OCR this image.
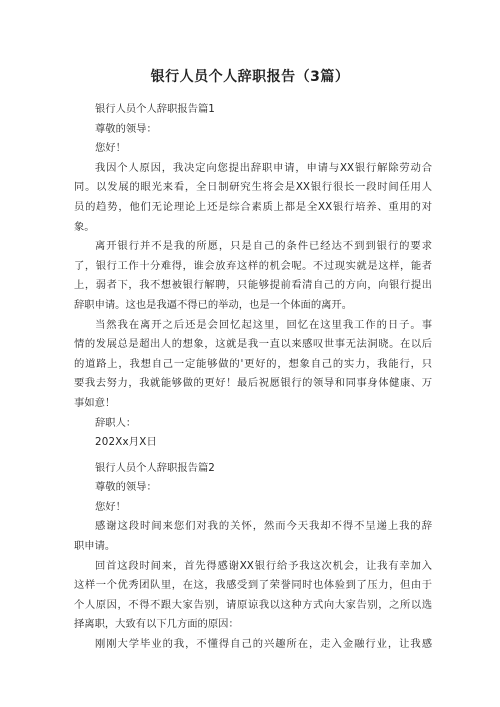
银行人员个人辞职报告（3篇）

银行人员个人辞职报告篇1

尊敬的领导：

您好！

我因个人原因，我决定向您提出辞职申请，申请与XX银行解除劳动合

同。以发展的眼光来看，全日制研究生将会是XX银行很长一段时间任用人

员的趋势，他们无论理论上还是综合素质上都是全XX银行培养、重用的对

象。

离开银行并不是我的所愿，只是自己的条件已经达不到到银行的要求

了，银行工作十分难得，谁会放弃这样的机会呢。不过现实就是这样，能者

上，弱者下，我不想被银行解聘，只能够提前看清自己的方向，向银行提出

辞职申请。这也是我逼不得已的举动，也是一个体面的离开。

当然我在离开之后还是会回忆起这里，回忆在这里我工作的日子。事

情的发展总是超出人的想象，这就是我一直以来感叹世事无法洞晓。在以后

的道路上，我想自己一定能够做的'更好的，想象自己的实力，我能行，只

要我去努力，我就能够做的更好！最后祝愿银行的领导和同事身体健康、万

事如意！

辞职人：

202Xx月X日

银行人员个人辞职报告篇2

尊敬的领导：

您好！

感谢这段时间来您们对我的关怀，然而今天我却不得不呈递上我的辞

职申请。

回首这段时间来，首先得感谢XX银行给予我这次机会，让我有幸加入

这样一个优秀团队里，在这，我感受到了荣誉同时也体验到了压力，但由于

个人原因，不得不跟大家告别，请原谅我以这种方式向大家告别，之所以选

择离职，大致有以下几方面的原因：

刚刚大学毕业的我，不懂得自己的兴趣所在，走入金融行业，让我感
